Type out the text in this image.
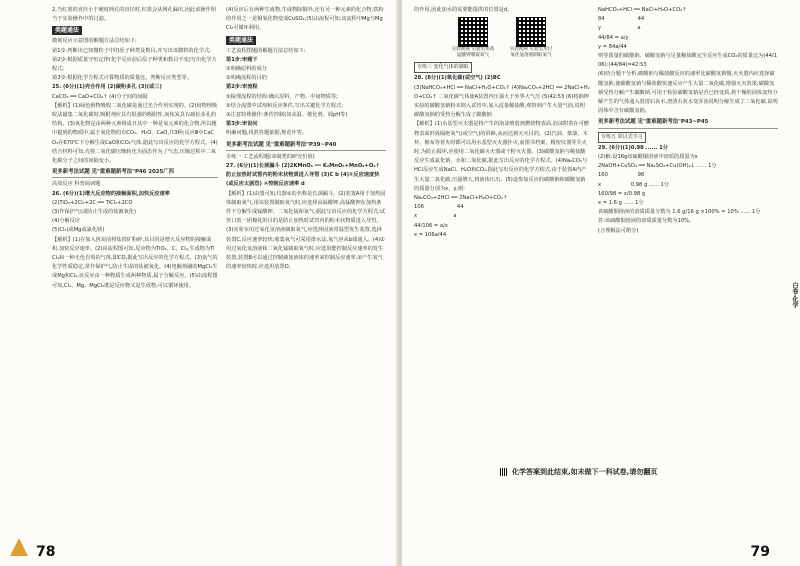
2,当红墨的直径小于硬度网孔的直径时,红墨会从网孔漏出,因此该操作相当于实验操作中的过滤。

类题通法

微观反应示意图的解题方法总结如下:

第1步:判断出已知微粒子中的原子种类及数目,并写出该微粒的化学式;

第2步:根据质量守恒定律(化学反应前后原子种类和数目不变)写出化学方程式;

第3步:根据化学方程式计算物质的质量比、判断反应类型等。

25. (6分)(1)壳合作用 (2)碳粉多孔 (3)(或三)

CaCO₃ ══ CaO+CO₂↑ (4)分子间的间隔

【解析】(1)绿色植物吸收二氧化碳是通过光合作用实现的。(2)用物理吸收法捕集二氧化碳时,吸附剂应具有很强的吸附性,而焦炭具有疏松多孔的结构。(3)氧化物是由两种元素组成且其中一种是氧元素的化合物,所以题中提到的物质中,属于氧化物的有CO₂、H₂O、CaO,共3种;反应Ⅲ中CaCO₃在670℃下分解生成CaO和CO₂气体,据此写出反应的化学方程式。(4)结合材料可知,壳将二氧化碳压缩转化为固态作为了气态,压缩过程中二氧化碳分子之间的间隔变小。

更多新考法试题 见"重难题新考法"P46 2025广西

高效反应 科普阅读题

26. (6分)(1)增大反应物的接触面积,加快反应速率

(2)TiO₂+2Cl₂+2C ══ TiCl₄+2CO

(3)作保护气(或防止生成的钛被氧化)

(4)分解反应

(5)Cl₂(或Mg或氯化镁)

【解析】(1)在加入焦炭前将钛铁矿粉碎,其目的是增大反应物的接触面积,加快反应速率。(2)由流程图可知,反应物为TiO₂、C、Cl₂,生成物为TiCl₄和一种无色有毒的气体,即CO,据此写出反应的化学方程式。(3)氩气的化学性质稳定,常作保护气,防止生成的钛被氧化。(4)电解熔融的MgCl₂生成Mg和Cl₂,该反应由一种物质生成两种物质,属于分解反应。(5)由流程图可知,Cl₂、Mg、MgCl₂既是反应物又是生成物,可以循环使用。

(4)反应后有两种生成物,生成物除铜外,还有另一种元素的化合物,铁粉的作用之一是铜氧化物变成CuSO₄;(5)由流程可知,该流程中Mg与MgCl₂可循环利用。

类题通法

工艺流程图题的解题方法总结如下:

第1步:审题干

①明确原料的成分

②明确流程的目的

第2步:审流程

①梳理流程的结构:确认原料、产物、中间物质等;

②结合流图中试剂和反应条件,写出关键化学方程式;

③注意特殊操作:条件控制(如高温、催化剂、调pH等)

第3步:审设问

明确问题,找准答题依据,规范作答。

更多新考法试题 见"重难题新考法"P39~P40

专练一 工艺流程题(命制类的研究价值)

27. (6分)(1)长颈漏斗 (2)2KMnO₄ ══ K₂MnO₄+MnO₂+O₂↑ 防止加热时试管内的粉末状物质进入导管 (3)C b (4)①反应速度快(或反应太剧烈) ②控制反应速率 d

【解析】(1)由图可知,仪器①的名称是长颈漏斗。(2)装置A用于加热固体制取氧气,用该装置制取氧气时,应选择高锰酸钾,高锰酸钾在加热条件下分解生成锰酸钾、二氧化锰和氧气,据此写出反应的化学方程式;试管口放一团棉花的目的是防止加热时试管内的粉末状物质进入导管。(3)实验室用过氧化氢溶液制取氧气,应选择固液常温型发生装置,选择装置C,反应速率较快;收集氧气可采用排水法,氧气应从b端通入。(4)①用过氧化氢溶液和二氧化锰制取氧气时,应选用能控制反应速率的发生装置,装置B可以通过控制滴加液体的速率来控制反应速率,②产生氧气的速率较快时,应选用装置D。

78

的作用,因此加水的需要能提供的位置是d。

实验视频 实验室用高锰酸钾制取氧气
实验视频 实验室用过氧化氢溶液制取氧气
专练三 变化气体的制取

28. (8分)(1)氧化碳(或空气) (2)BC

(3)NaHCO₃+HCl ══ NaCl+H₂O+CO₂↑ (4)Na₂CO₃+2HCl ══ 2NaCl+H₂O+CO₂↑ 二氧化碳气体使A装置内压强大于外界大气压 (5)42:53 (6)将钠钾实验的碳酸氢钠粉末倒入试管中,加入适量稀盐酸,观察到产生大量气泡,说明碳酸氢钠的受热分解生成了碳酸钠

【解析】(1)水基型灭火器是将产生的泡沫喷射到燃烧物表面,泡沫附着在可燃物表面形成隔绝氧气(或空气)的屏障,从而达到灭火目的。(2)汽油、柴油、木材、棉布等着火时都可以用水基型灭火器扑灭,而图书档案、精密仪器等失火时,为防止损坏,应使用二氧化碳灭火器或干粉灭火器。(3)碳酸氢钠与稀盐酸反应生成氯化钠、水和二氧化碳,据此写出反应的化学方程式。(4)Na₂CO₃与HCl反应生成NaCl、H₂O和CO₂,据此写出反应的化学方程式,由于装置A内产生大量二氧化碳,压强增大,将液体压出。(5)设参加反应的碳酸钠和碳酸氢钠的质量分别为x、y,则:

Na₂CO₃+2HCl ══ 2NaCl+H₂O+CO₂↑

106	44

x	a

44/106 = a/x

x = 106a/44

NaHCO₃+HCl ══ NaCl+H₂O+CO₂↑

84	44

y	a

44/84 = a/y

y = 84a/44

则等质量的碳酸钠、碳酸氢钠与足量稀盐酸完全反应生成CO₂的质量比为(44/106):(44/84)=42:53

(6)结合题干分析,碳酸钠与稀盐酸反应的速率比碳酸氢钠慢,灭火器内应选择碳酸氢钠,使碳酸氢钠与稀盐酸快速反应产生大量二氧化碳,增强灭火效果;碳酸氢钠受热分解产生碳酸钠,可用于检验碳酸氢钠是否已经变质,将干燥的固体加热分解产生的气体通入澄清石灰水,澄清石灰水变浑浊说明分解生成了二氧化碳,说明固体中含有碳酸氢钠。

更多新考法试题 见"重难题新考法"P43~P45
专练五 项目式学习

29. (6分)(1)0.98 ...... 1分

(2)解:设16g该硫酸铜溶液中溶质的质量为x

2NaOH+CuSO₄ ══ Na₂SO₄+Cu(OH)₂↓ ...... 1分

160	98

x	0.98 g ...... 1分

160/98 = x/0.98 g

x = 1.6 g ...... 1分

该硫酸铜溶液的溶质质量分数为 1.6 g/16 g ×100% = 10% ...... 1分

答:该硫酸铜溶液的溶质质量分数为10%。

(合理解法可酌分)

白卷·化学
79
化学答案到此结束,如未做下一科试卷,请勿翻页
